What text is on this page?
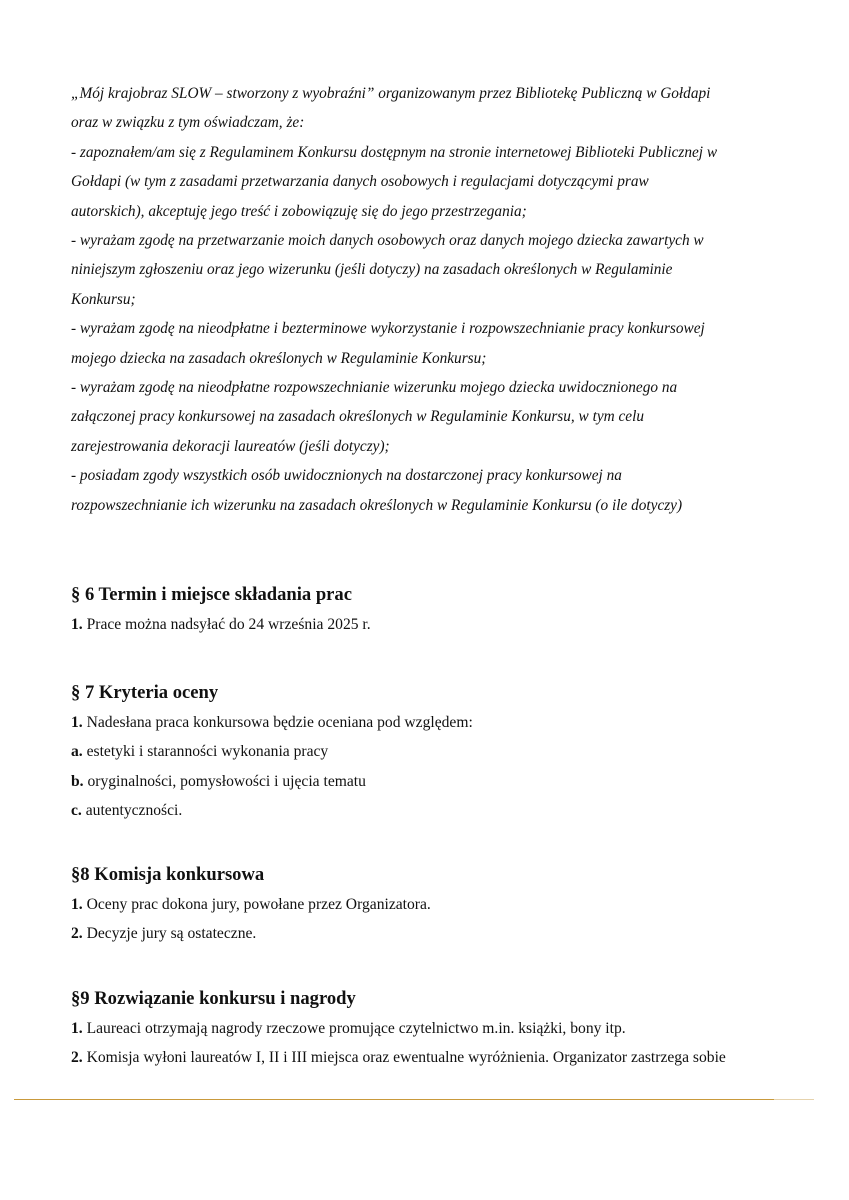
„Mój krajobraz SLOW – stworzony z wyobraźni” organizowanym przez Bibliotekę Publiczną w Gołdapi
oraz w związku z tym oświadczam, że:
- zapoznałem/am się z Regulaminem Konkursu dostępnym na stronie internetowej Biblioteki Publicznej w
Gołdapi (w tym z zasadami przetwarzania danych osobowych i regulacjami dotyczącymi praw
autorskich), akceptuję jego treść i zobowiązuję się do jego przestrzegania;
- wyrażam zgodę na przetwarzanie moich danych osobowych oraz danych mojego dziecka zawartych w
niniejszym zgłoszeniu oraz jego wizerunku (jeśli dotyczy) na zasadach określonych w Regulaminie
Konkursu;
- wyrażam zgodę na nieodpłatne i bezterminowe wykorzystanie i rozpowszechnianie pracy konkursowej
mojego dziecka na zasadach określonych w Regulaminie Konkursu;
- wyrażam zgodę na nieodpłatne rozpowszechnianie wizerunku mojego dziecka uwidocznionego na
załączonej pracy konkursowej na zasadach określonych w Regulaminie Konkursu, w tym celu
zarejestrowania dekoracji laureatów (jeśli dotyczy);
- posiadam zgody wszystkich osób uwidocznionych na dostarczonej pracy konkursowej na
rozpowszechnianie ich wizerunku na zasadach określonych w Regulaminie Konkursu (o ile dotyczy)
§ 6 Termin i miejsce składania prac
1. Prace można nadsyłać do 24 września 2025 r.
§ 7 Kryteria oceny
1. Nadesłana praca konkursowa będzie oceniana pod względem:
a. estetyki i staranności wykonania pracy
b. oryginalności, pomysłowości i ujęcia tematu
c. autentyczności.
§8 Komisja konkursowa
1. Oceny prac dokona jury, powołane przez Organizatora.
2. Decyzje jury są ostateczne.
§9 Rozwiązanie konkursu i nagrody
1. Laureaci otrzymają nagrody rzeczowe promujące czytelnictwo m.in. książki, bony itp.
2. Komisja wyłoni laureatów I, II i III miejsca oraz ewentualne wyróżnienia. Organizator zastrzega sobie
